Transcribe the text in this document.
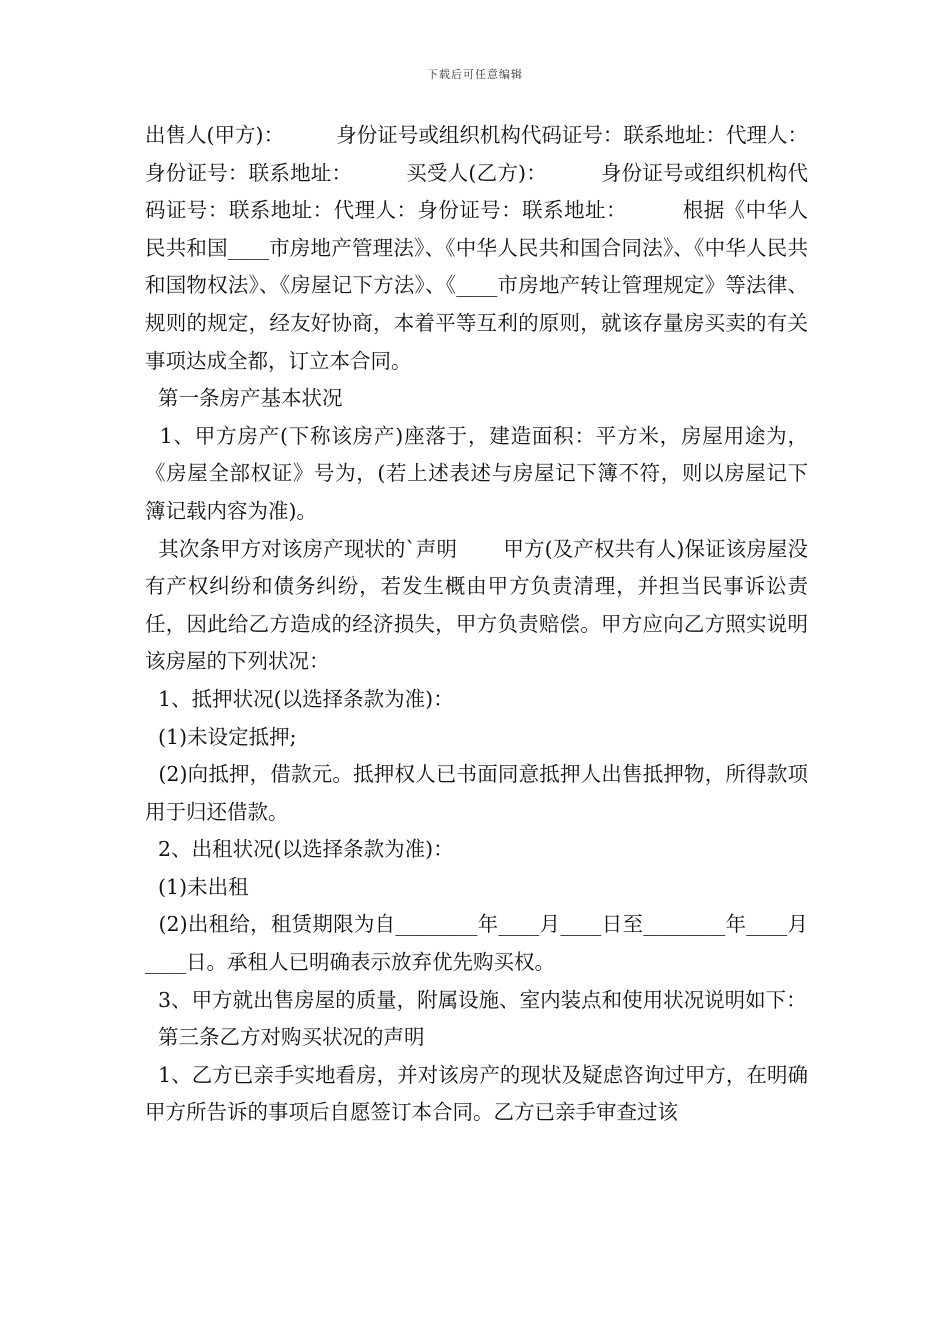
下载后可任意编辑

出售人(甲方)：        身份证号或组织机构代码证号：联系地址：代理人：身份证号：联系地址：        买受人(乙方)：        身份证号或组织机构代码证号：联系地址：代理人：身份证号：联系地址：        根据《中华人民共和国____市房地产管理法》、《中华人民共和国合同法》、《中华人民共和国物权法》、《房屋记下方法》、《____市房地产转让管理规定》等法律、规则的规定，经友好协商，本着平等互利的原则，就该存量房买卖的有关事项达成全都，订立本合同。

第一条房产基本状况

1、甲方房产(下称该房产)座落于，建造面积：平方米，房屋用途为，《房屋全部权证》号为，(若上述表述与房屋记下簿不符，则以房屋记下簿记载内容为准)。

其次条甲方对该房产现状的`声明       甲方(及产权共有人)保证该房屋没有产权纠纷和债务纠纷，若发生概由甲方负责清理，并担当民事诉讼责任，因此给乙方造成的经济损失，甲方负责赔偿。甲方应向乙方照实说明该房屋的下列状况：

1、抵押状况(以选择条款为准)：

(1)未设定抵押;

(2)向抵押，借款元。抵押权人已书面同意抵押人出售抵押物，所得款项用于归还借款。

2、出租状况(以选择条款为准)：

(1)未出租

(2)出租给，租赁期限为自________年____月____日至________年____月____日。承租人已明确表示放弃优先购买权。

3、甲方就出售房屋的质量，附属设施、室内装点和使用状况说明如下：

第三条乙方对购买状况的声明

1、乙方已亲手实地看房，并对该房产的现状及疑虑咨询过甲方，在明确甲方所告诉的事项后自愿签订本合同。乙方已亲手审查过该
